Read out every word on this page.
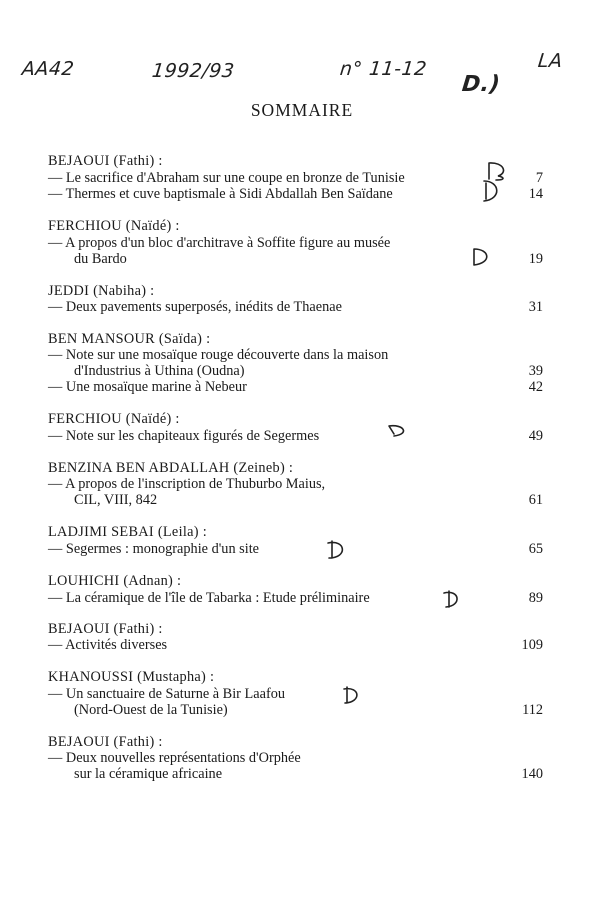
AA42	1992/93	n° 11-12
D.)
LA
SOMMAIRE
BEJAOUI (Fathi) :
— Le sacrifice d'Abraham sur une coupe en bronze de Tunisie	7
— Thermes et cuve baptismale à Sidi Abdallah Ben Saïdane	14
FERCHIOU (Naïdé) :
— A propos d'un bloc d'architrave à Soffite figure au musée
du Bardo	19
JEDDI (Nabiha) :
— Deux pavements superposés, inédits de Thaenae	31
BEN MANSOUR (Saïda) :
— Note sur une mosaïque rouge découverte dans la maison
d'Industrius à Uthina (Oudna)	39
— Une mosaïque marine à Nebeur	42
FERCHIOU (Naïdé) :
— Note sur les chapiteaux figurés de Segermes	49
BENZINA BEN ABDALLAH (Zeineb) :
— A propos de l'inscription de Thuburbo Maius,
CIL, VIII, 842	61
LADJIMI SEBAI (Leila) :
— Segermes : monographie d'un site	65
LOUHICHI (Adnan) :
— La céramique de l'île de Tabarka : Etude préliminaire	89
BEJAOUI (Fathi) :
— Activités diverses	109
KHANOUSSI (Mustapha) :
— Un sanctuaire de Saturne à Bir Laafou
(Nord-Ouest de la Tunisie)	112
BEJAOUI (Fathi) :
— Deux nouvelles représentations d'Orphée
sur la céramique africaine	140
